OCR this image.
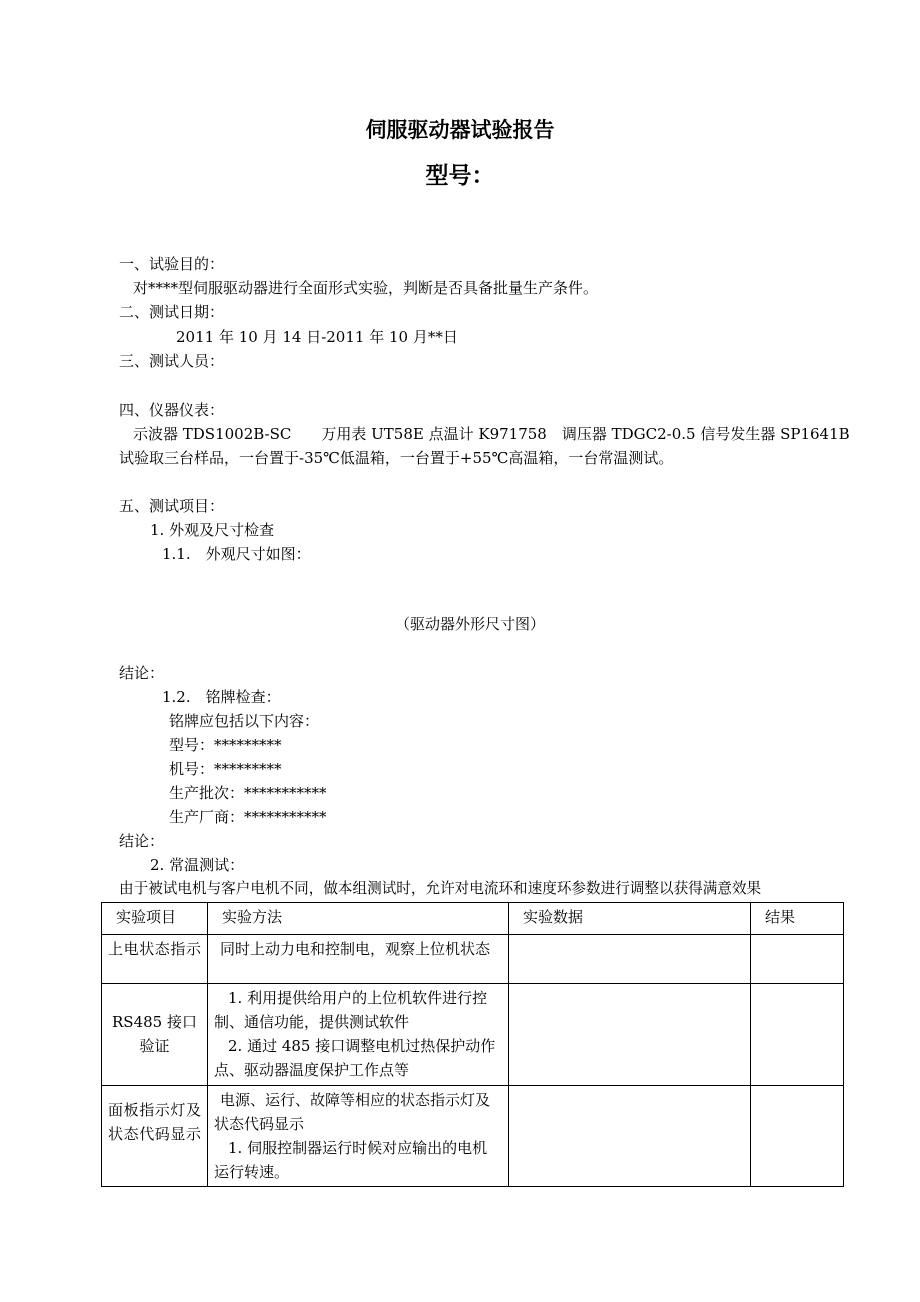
伺服驱动器试验报告
型号：
一、试验目的：
对****型伺服驱动器进行全面形式实验，判断是否具备批量生产条件。
二、测试日期：
2011 年 10 月 14 日-2011 年 10 月**日
三、测试人员：
四、仪器仪表：
示波器 TDS1002B-SC　　万用表 UT58E 点温计 K971758　调压器 TDGC2-0.5 信号发生器 SP1641B
试验取三台样品，一台置于-35℃低温箱，一台置于+55℃高温箱，一台常温测试。
五、测试项目：
1. 外观及尺寸检查
1.1.　外观尺寸如图：
（驱动器外形尺寸图）
结论：
1.2.　铭牌检查：
铭牌应包括以下内容：
型号：*********
机号：*********
生产批次：***********
生产厂商：***********
结论：
2. 常温测试：
由于被试电机与客户电机不同，做本组测试时，允许对电流环和速度环参数进行调整以获得满意效果
实验项目	实验方法	实验数据	结果
上电状态指示	同时上动力电和控制电，观察上位机状态		
RS485 接口验证	1. 利用提供给用户的上位机软件进行控制、通信功能，提供测试软件
2. 通过 485 接口调整电机过热保护动作点、驱动器温度保护工作点等		

面板指示灯及状态代码显示	电源、运行、故障等相应的状态指示灯及状态代码显示
1. 伺服控制器运行时候对应输出的电机运行转速。		
